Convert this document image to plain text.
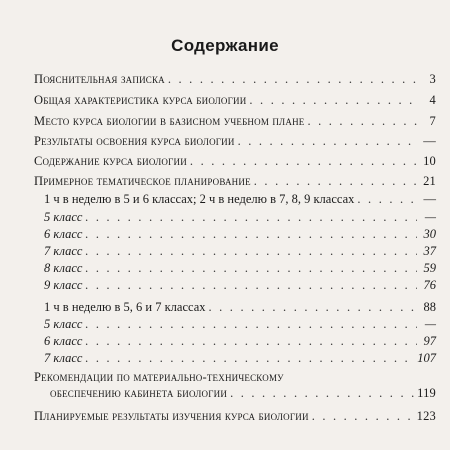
Содержание
Пояснительная записка . . .	3
Общая характеристика курса биологии . . .	4
Место курса биологии в базисном учебном плане . . .	7
Результаты освоения курса биологии . . .	—
Содержание курса биологии . . .	10
Примерное тематическое планирование . . .	21
1 ч в неделю в 5 и 6 классах; 2 ч в неделю в 7, 8, 9 классах . . .	—
5 класс . . .	—
6 класс . . .	30
7 класс . . .	37
8 класс . . .	59
9 класс . . .	76
1 ч в неделю в 5, 6 и 7 классах . . .	88
5 класс . . .	—
6 класс . . .	97
7 класс . . .	107
Рекомендации по материально-техническому
обеспечению кабинета биологии . . .	119
Планируемые результаты изучения курса биологии . . .	123
